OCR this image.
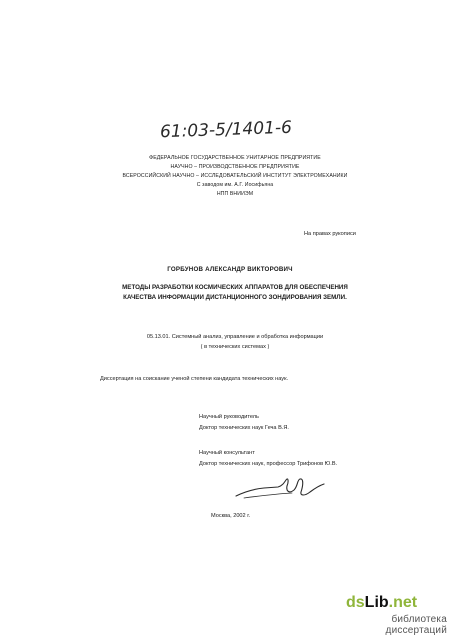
61:03-5/1401-6
ФЕДЕРАЛЬНОЕ ГОСУДАРСТВЕННОЕ УНИТАРНОЕ ПРЕДПРИЯТИЕ
НАУЧНО – ПРОИЗВОДСТВЕННОЕ ПРЕДПРИЯТИЕ
ВСЕРОССИЙСКИЙ НАУЧНО – ИССЛЕДОВАТЕЛЬСКИЙ ИНСТИТУТ ЭЛЕКТРОМЕХАНИКИ
С заводом им. А.Г. Иосифьяна
НПП ВНИИЭМ
На правах рукописи
ГОРБУНОВ АЛЕКСАНДР ВИКТОРОВИЧ
МЕТОДЫ РАЗРАБОТКИ КОСМИЧЕСКИХ АППАРАТОВ ДЛЯ ОБЕСПЕЧЕНИЯ
КАЧЕСТВА ИНФОРМАЦИИ ДИСТАНЦИОННОГО ЗОНДИРОВАНИЯ ЗЕМЛИ.
05.13.01. Системный анализ, управление и обработка информации
( в технических системах )
Диссертация на соискание ученой степени кандидата технических наук.
Научный руководитель
Доктор технических наук Геча В.Я.
Научный консультант
Доктор технических наук, профессор Трифонов Ю.В.
Москва, 2002 г.
ds Lib .net
библиотека диссертаций
